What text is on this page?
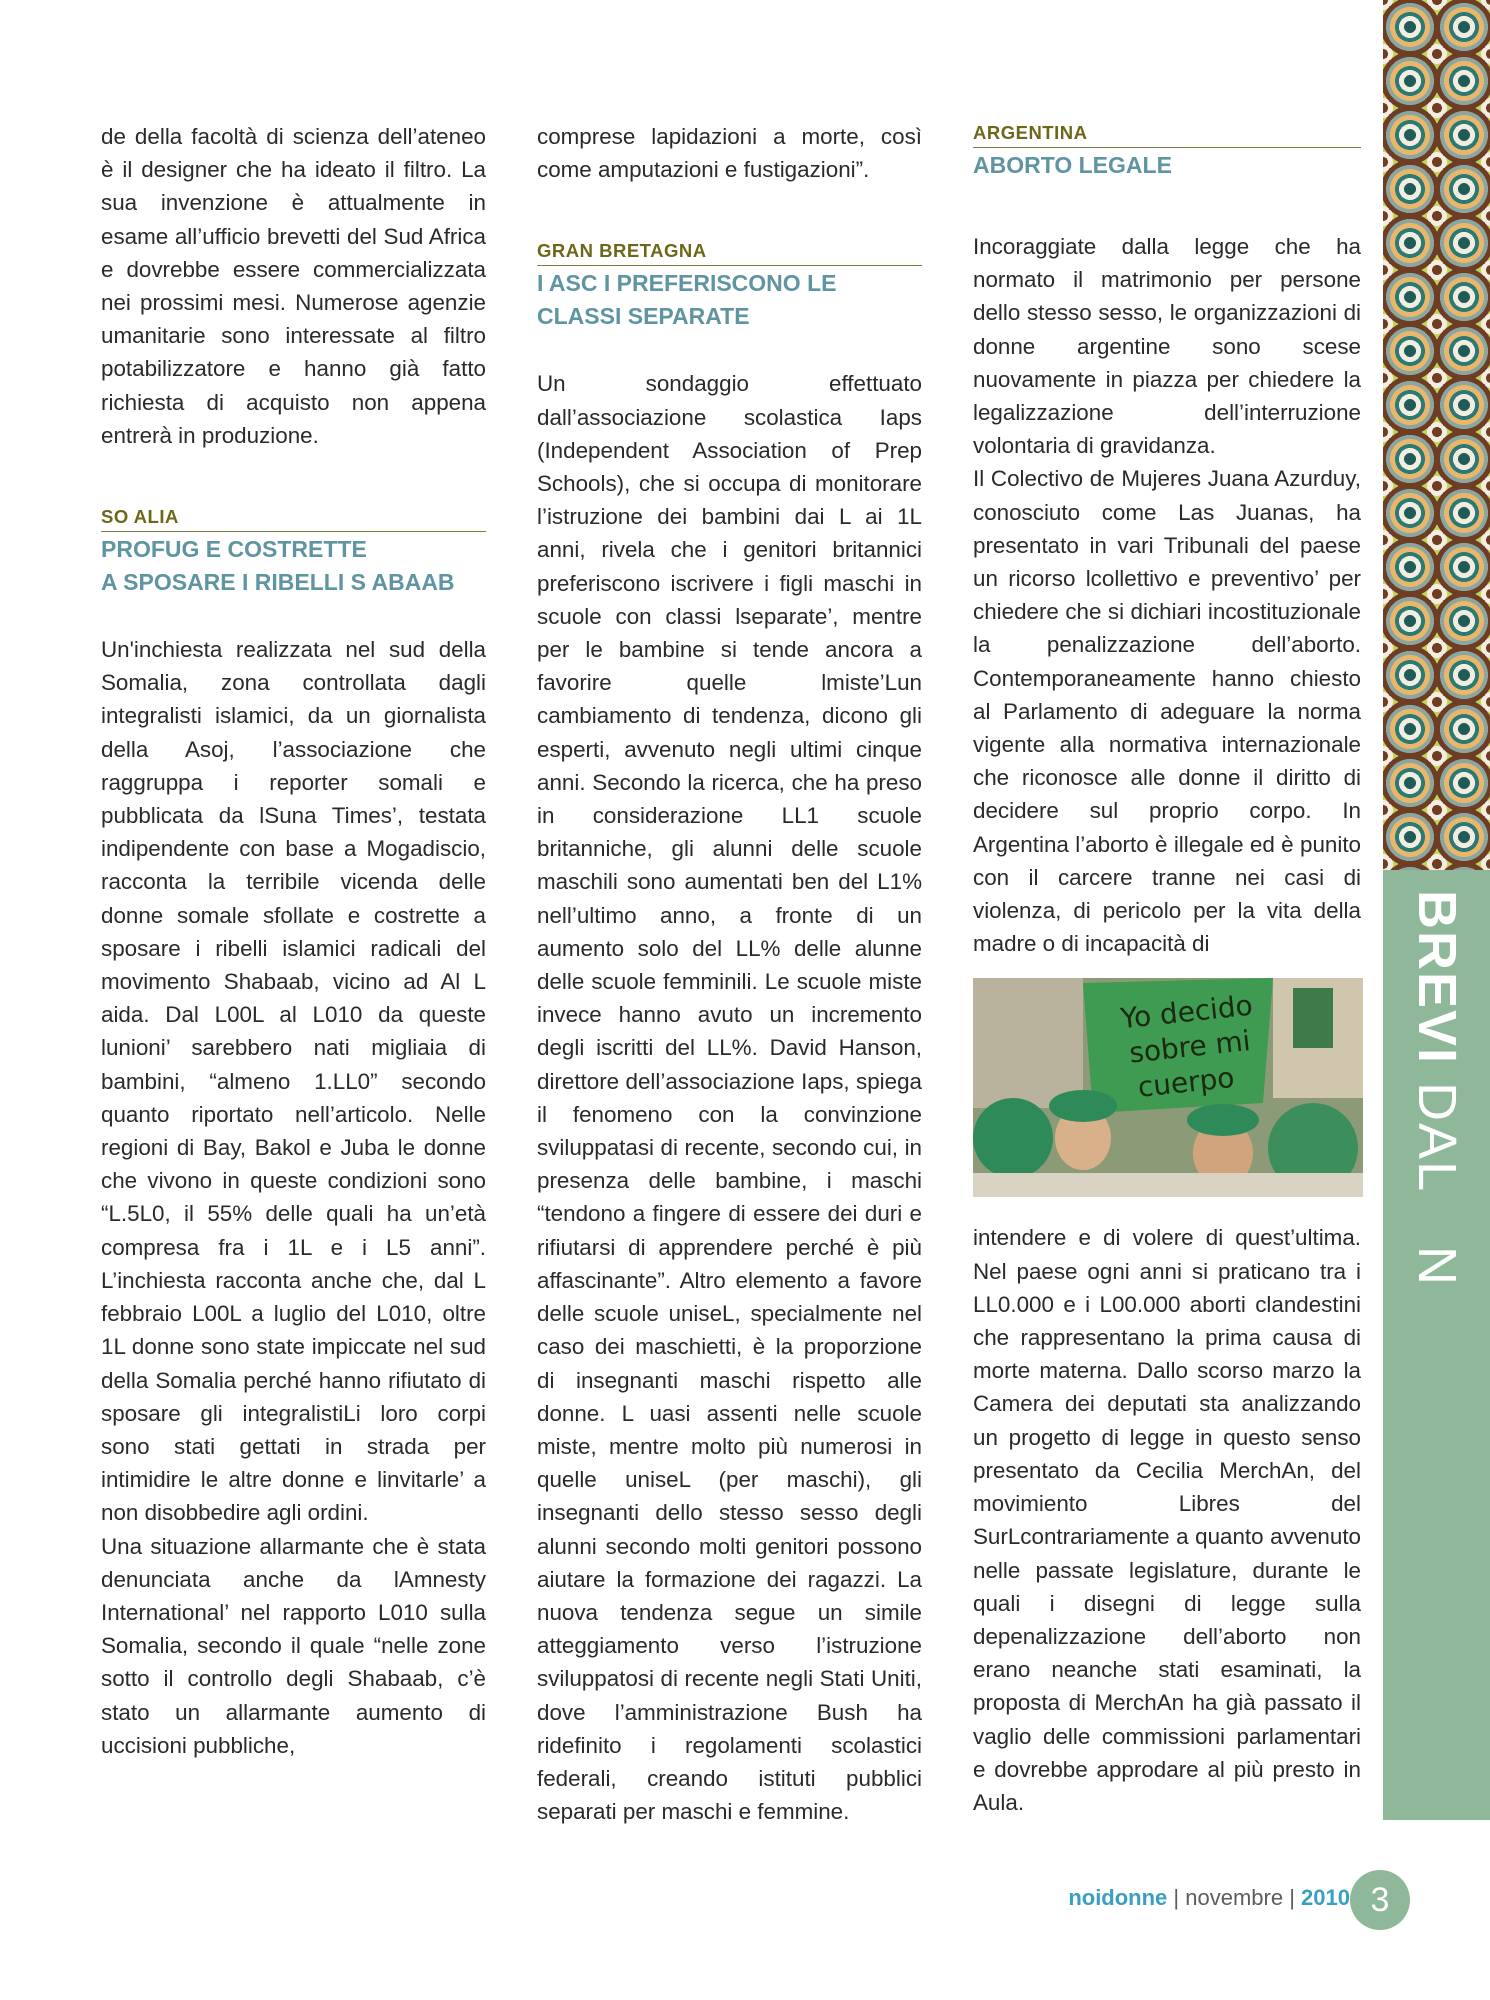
BREVI DAL N

de della facoltà di scienza dell’ateneo è il designer che ha ideato il filtro. La sua invenzione è attualmente in esame all’ufficio brevetti del Sud Africa e dovrebbe essere commercializzata nei prossimi mesi. Numerose agenzie umanitarie sono interessate al filtro potabilizzatore e hanno già fatto richiesta di acquisto non appena entrerà in produzione.

SO ALIA
PROFUG E COSTRETTE
A SPOSARE I RIBELLI S ABAAB

Un'inchiesta realizzata nel sud della Somalia, zona controllata dagli integralisti islamici, da un giornalista della Asoj, l’associazione che raggruppa i reporter somali e pubblicata da lSuna Times’, testata indipendente con base a Mogadiscio, racconta la terribile vicenda delle donne somale sfollate e costrette a sposare i ribelli islamici radicali del movimento Shabaab, vicino ad Al L aida. Dal L00L al L010 da queste lunioni’ sarebbero nati migliaia di bambini, “almeno 1.LL0” secondo quanto riportato nell’articolo. Nelle regioni di Bay, Bakol e Juba le donne che vivono in queste condizioni sono “L.5L0, il 55% delle quali ha un’età compresa fra i 1L e i L5 anni”. L’inchiesta racconta anche che, dal L febbraio L00L a luglio del L010, oltre 1L donne sono state impiccate nel sud della Somalia perché hanno rifiutato di sposare gli integralistiLi loro corpi sono stati gettati in strada per intimidire le altre donne e linvitarle’ a non disobbedire agli ordini.

Una situazione allarmante che è stata denunciata anche da lAmnesty International’ nel rapporto L010 sulla Somalia, secondo il quale “nelle zone sotto il controllo degli Shabaab, c’è stato un allarmante aumento di uccisioni pubbliche,

comprese lapidazioni a morte, così come amputazioni e fustigazioni”.

GRAN BRETAGNA
I ASC I PREFERISCONO LE
CLASSI SEPARATE

Un sondaggio effettuato dall’associazione scolastica Iaps (Independent Association of Prep Schools), che si occupa di monitorare l’istruzione dei bambini dai L ai 1L anni, rivela che i genitori britannici preferiscono iscrivere i figli maschi in scuole con classi lseparate’, mentre per le bambine si tende ancora a favorire quelle lmiste’Lun cambiamento di tendenza, dicono gli esperti, avvenuto negli ultimi cinque anni. Secondo la ricerca, che ha preso in considerazione LL1 scuole britanniche, gli alunni delle scuole maschili sono aumentati ben del L1% nell’ultimo anno, a fronte di un aumento solo del LL% delle alunne delle scuole femminili. Le scuole miste invece hanno avuto un incremento degli iscritti del LL%. David Hanson, direttore dell’associazione Iaps, spiega il fenomeno con la convinzione sviluppatasi di recente, secondo cui, in presenza delle bambine, i maschi “tendono a fingere di essere dei duri e rifiutarsi di apprendere perché è più affascinante”. Altro elemento a favore delle scuole uniseL, specialmente nel caso dei maschietti, è la proporzione di insegnanti maschi rispetto alle donne. L uasi assenti nelle scuole miste, mentre molto più numerosi in quelle uniseL (per maschi), gli insegnanti dello stesso sesso degli alunni secondo molti genitori possono aiutare la formazione dei ragazzi. La nuova tendenza segue un simile atteggiamento verso l’istruzione sviluppatosi di recente negli Stati Uniti, dove l’amministrazione Bush ha ridefinito i regolamenti scolastici federali, creando istituti pubblici separati per maschi e femmine.

ARGENTINA
ABORTO LEGALE

Incoraggiate dalla legge che ha normato il matrimonio per persone dello stesso sesso, le organizzazioni di donne argentine sono scese nuovamente in piazza per chiedere la legalizzazione dell’interruzione volontaria di gravidanza.

Il Colectivo de Mujeres Juana Azurduy, conosciuto come Las Juanas, ha presentato in vari Tribunali del paese un ricorso lcollettivo e preventivo’ per chiedere che si dichiari incostituzionale la penalizzazione dell’aborto. Contemporaneamente hanno chiesto al Parlamento di adeguare la norma vigente alla normativa internazionale che riconosce alle donne il diritto di decidere sul proprio corpo. In Argentina l’aborto è illegale ed è punito con il carcere tranne nei casi di violenza, di pericolo per la vita della madre o di incapacità di

Yo decido
sobre mi
cuerpo

intendere e di volere di quest’ultima. Nel paese ogni anni si praticano tra i LL0.000 e i L00.000 aborti clandestini che rappresentano la prima causa di morte materna. Dallo scorso marzo la Camera dei deputati sta analizzando un progetto di legge in questo senso presentato da Cecilia MerchAn, del movimiento Libres del SurLcontrariamente a quanto avvenuto nelle passate legislature, durante le quali i disegni di legge sulla depenalizzazione dell’aborto non erano neanche stati esaminati, la proposta di MerchAn ha già passato il vaglio delle commissioni parlamentari e dovrebbe approdare al più presto in Aula.

noidonne | novembre | 2010 3
